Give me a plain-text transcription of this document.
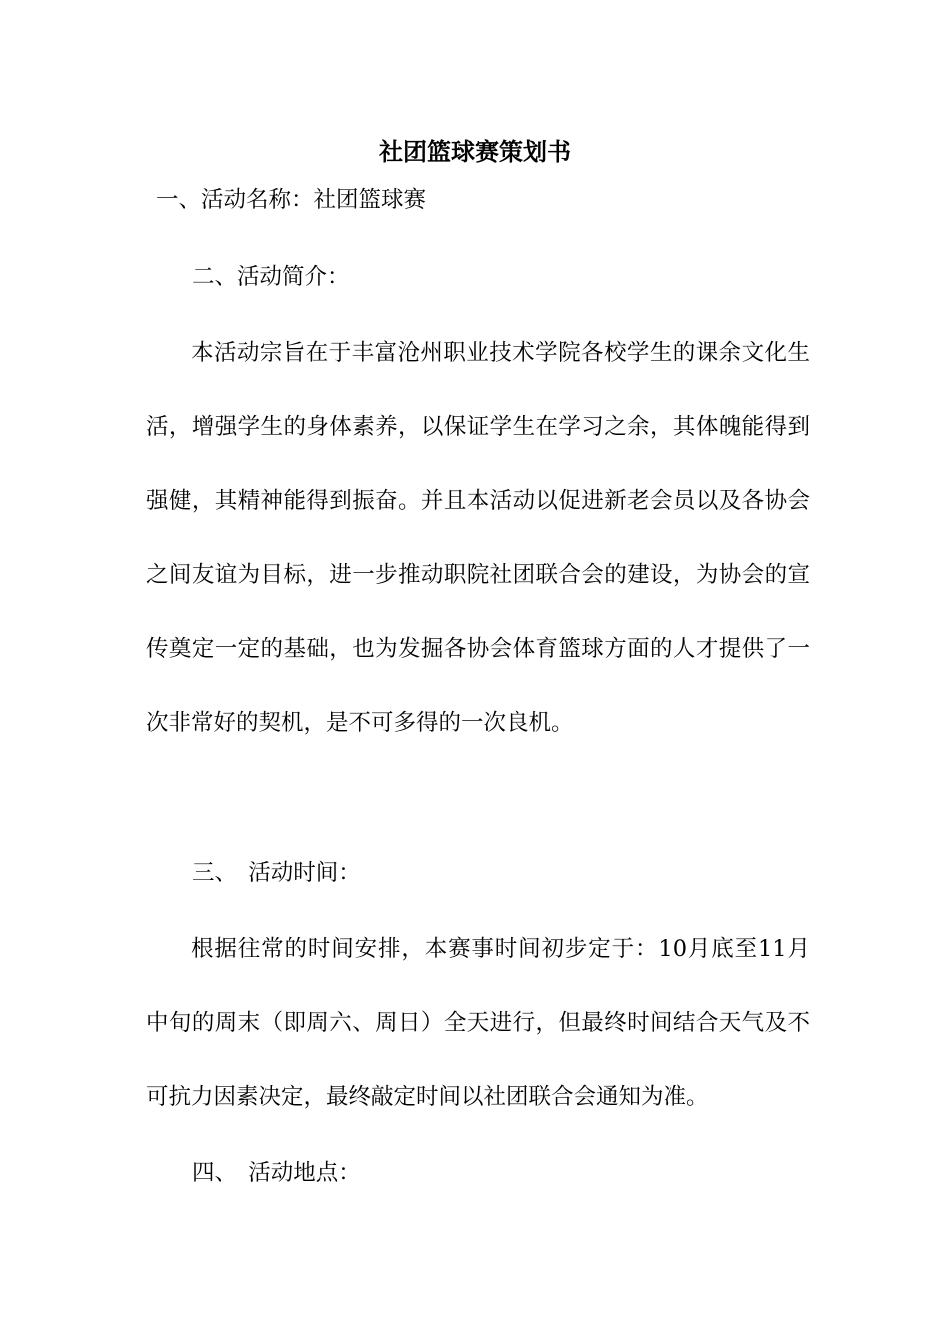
社团篮球赛策划书

一、活动名称：社团篮球赛

二、活动简介：

本活动宗旨在于丰富沧州职业技术学院各校学生的课余文化生活，增强学生的身体素养，以保证学生在学习之余，其体魄能得到强健，其精神能得到振奋。并且本活动以促进新老会员以及各协会之间友谊为目标，进一步推动职院社团联合会的建设，为协会的宣传奠定一定的基础，也为发掘各协会体育篮球方面的人才提供了一次非常好的契机，是不可多得的一次良机。

三、　活动时间：

根据往常的时间安排，本赛事时间初步定于：10月底至11月中旬的周末（即周六、周日）全天进行，但最终时间结合天气及不可抗力因素决定，最终敲定时间以社团联合会通知为准。

四、　活动地点：
